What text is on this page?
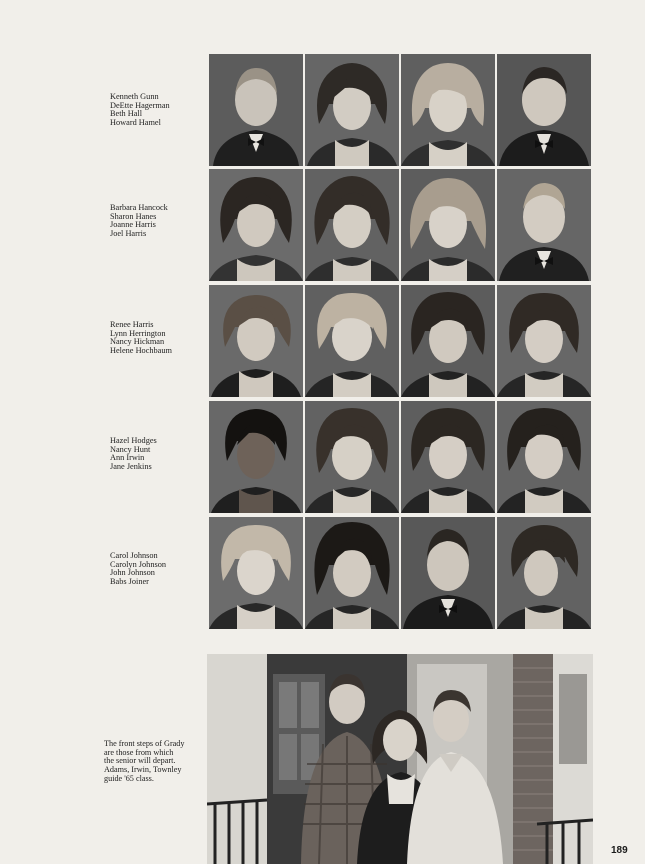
Kenneth Gunn
DeEtte Hagerman
Beth Hall
Howard Hamel
Barbara Hancock
Sharon Hanes
Joanne Harris
Joel Harris
Renee Harris
Lynn Herrington
Nancy Hickman
Helene Hochbaum
Hazel Hodges
Nancy Hunt
Ann Irwin
Jane Jenkins
Carol Johnson
Carolyn Johnson
John Johnson
Babs Joiner
The front steps of Grady
are those from which
the senior will depart.
Adams, Irwin, Townley
guide '65 class.
189
